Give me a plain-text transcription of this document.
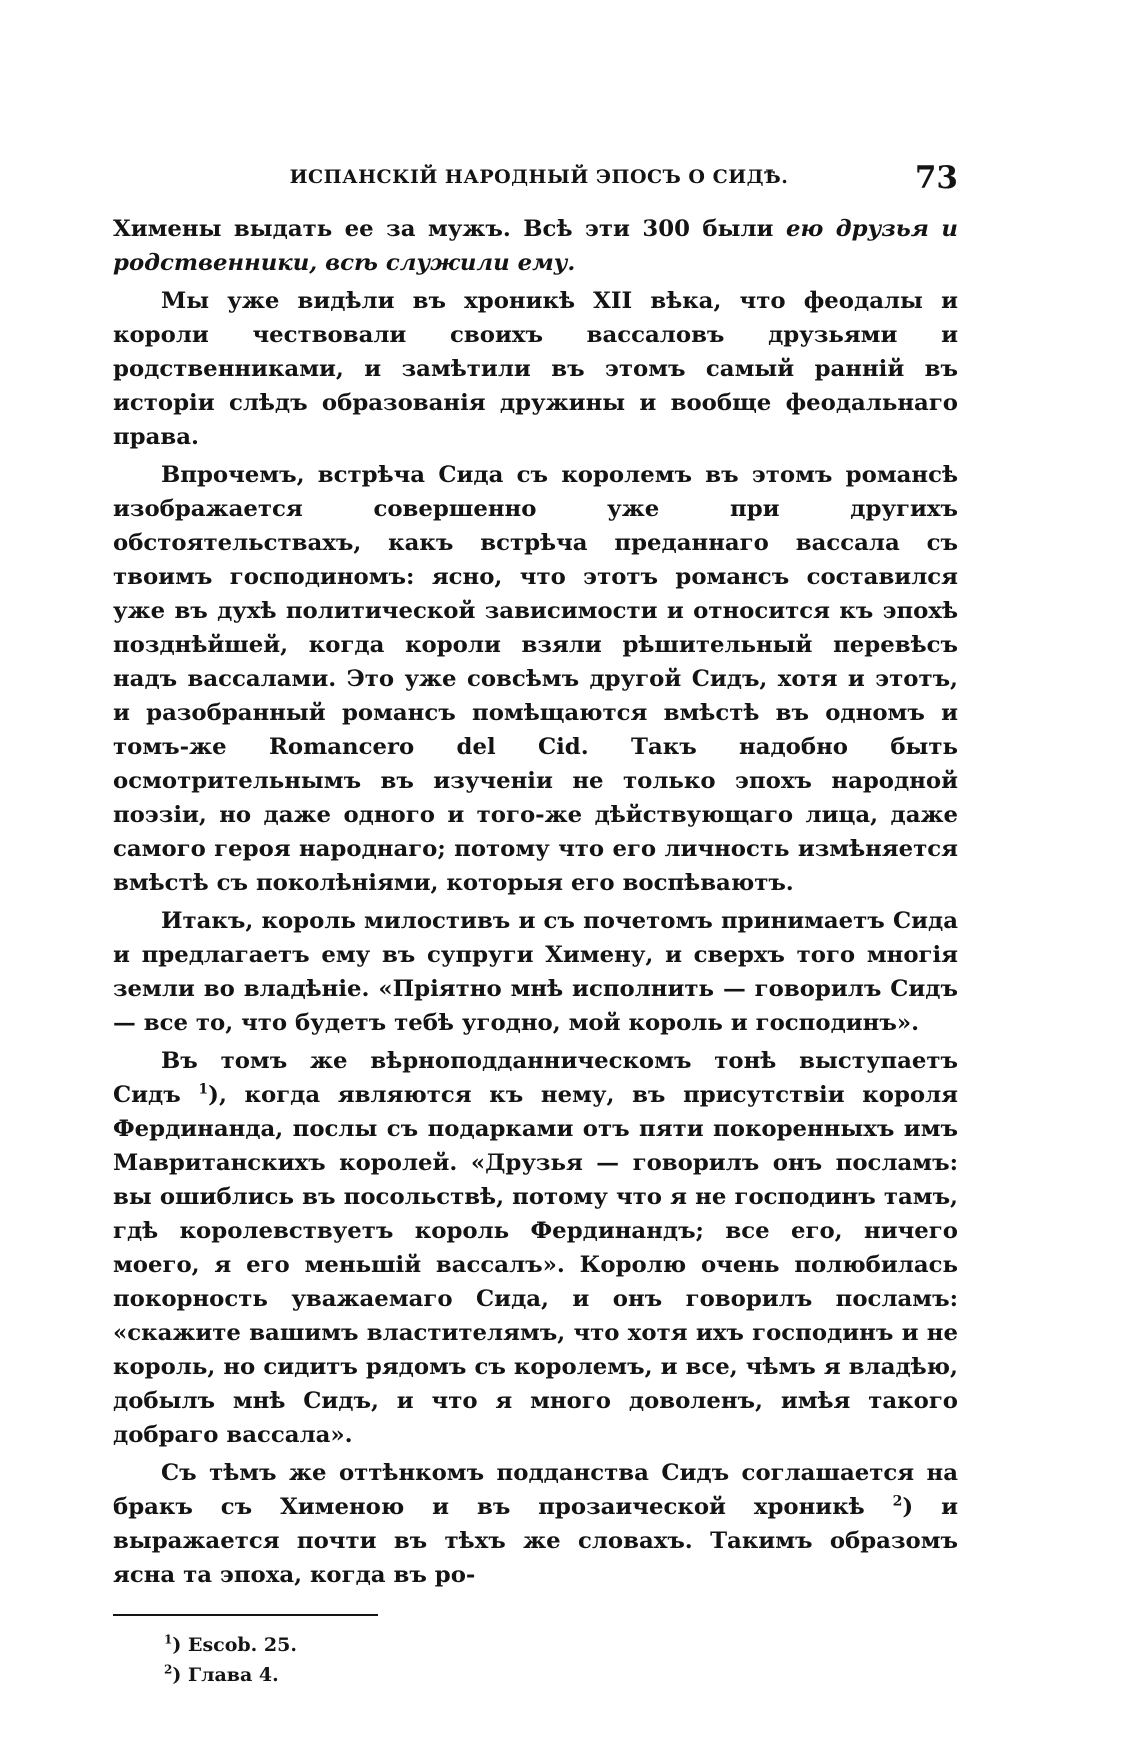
ИСПАНСКІЙ НАРОДНЫЙ ЭПОСЪ О СИДѢ.	73

Химены выдать ее за мужъ. Всѣ эти 300 были ею друзья и родственники, всѣ служили ему.

Мы уже видѣли въ хроникѣ XII вѣка, что феодалы и короли чествовали своихъ вассаловъ друзьями и родственниками, и замѣтили въ этомъ самый ранній въ исторіи слѣдъ образованія дружины и вообще феодальнаго права.

Впрочемъ, встрѣча Сида съ королемъ въ этомъ романсѣ изображается совершенно уже при другихъ обстоятельствахъ, какъ встрѣча преданнаго вассала съ твоимъ господиномъ: ясно, что этотъ романсъ составился уже въ духѣ политической зависимости и относится къ эпохѣ позднѣйшей, когда короли взяли рѣшительный перевѣсъ надъ вассалами. Это уже совсѣмъ другой Сидъ, хотя и этотъ, и разобранный романсъ помѣщаются вмѣстѣ въ одномъ и томъ-же Romancero del Cid. Такъ надобно быть осмотрительнымъ въ изученіи не только эпохъ народной поэзіи, но даже одного и того-же дѣйствующаго лица, даже самого героя народнаго; потому что его личность измѣняется вмѣстѣ съ поколѣніями, которыя его воспѣваютъ.

Итакъ, король милостивъ и съ почетомъ принимаетъ Сида и предлагаетъ ему въ супруги Химену, и сверхъ того многія земли во владѣніе. «Пріятно мнѣ исполнить — говорилъ Сидъ — все то, что будетъ тебѣ угодно, мой король и господинъ».

Въ томъ же вѣрноподданническомъ тонѣ выступаетъ Сидъ $^1$), когда являются къ нему, въ присутствіи короля Фердинанда, послы съ подарками отъ пяти покоренныхъ имъ Мавританскихъ королей. «Друзья — говорилъ онъ посламъ: вы ошиблись въ посольствѣ, потому что я не господинъ тамъ, гдѣ королевствуетъ король Фердинандъ; все его, ничего моего, я его меньшій вассалъ». Королю очень полюбилась покорность уважаемаго Сида, и онъ говорилъ посламъ: «скажите вашимъ властителямъ, что хотя ихъ господинъ и не король, но сидитъ рядомъ съ королемъ, и все, чѣмъ я владѣю, добылъ мнѣ Сидъ, и что я много доволенъ, имѣя такого добраго вассала».

Съ тѣмъ же оттѣнкомъ подданства Сидъ соглашается на бракъ съ Хименою и въ прозаической хроникѣ $^2$) и выражается почти въ тѣхъ же словахъ. Такимъ образомъ ясна та эпоха, когда въ ро-

$^1$) Escob. 25.
$^2$) Глава 4.
